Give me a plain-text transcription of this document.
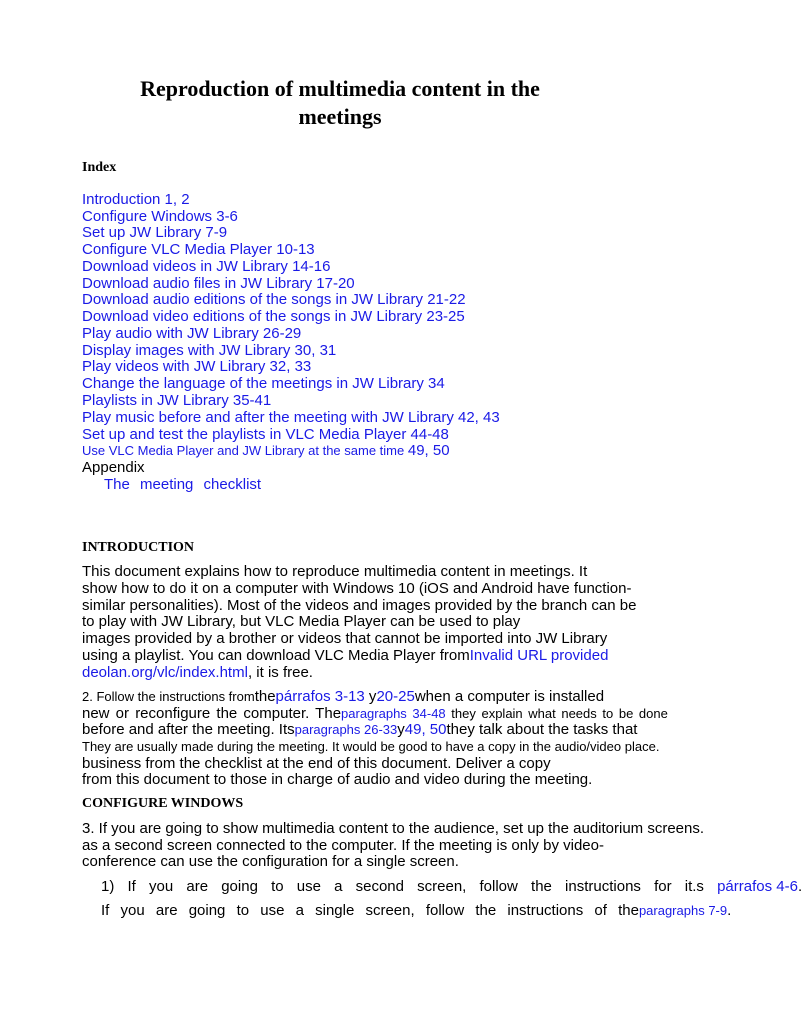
Reproduction of multimedia content in the
meetings
Index
Introduction 1, 2
Configure Windows 3-6
Set up JW Library 7-9
Configure VLC Media Player 10-13
Download videos in JW Library 14-16
Download audio files in JW Library 17-20
Download audio editions of the songs in JW Library 21-22
Download video editions of the songs in JW Library 23-25
Play audio with JW Library 26-29
Display images with JW Library 30, 31
Play videos with JW Library 32, 33
Change the language of the meetings in JW Library 34
Playlists in JW Library 35-41
Play music before and after the meeting with JW Library 42, 43
Set up and test the playlists in VLC Media Player 44-48
Use VLC Media Player and JW Library at the same time 49, 50
Appendix
The meeting checklist
INTRODUCTION
This document explains how to reproduce multimedia content in meetings. It
show how to do it on a computer with Windows 10 (iOS and Android have function-
similar personalities). Most of the videos and images provided by the branch can be
to play with JW Library, but VLC Media Player can be used to play
images provided by a brother or videos that cannot be imported into JW Library
using a playlist. You can download VLC Media Player fromInvalid URL provided
deolan.org/vlc/index.html, it is free.
2. Follow the instructions fromthepárrafos 3-13 y20-25when a computer is installed
new or reconfigure the computer. Theparagraphs 34-48 they explain what needs to be done
before and after the meeting. Itsparagraphs 26-33y49, 50they talk about the tasks that
They are usually made during the meeting. It would be good to have a copy in the audio/video place.
business from the checklist at the end of this document. Deliver a copy
from this document to those in charge of audio and video during the meeting.
CONFIGURE WINDOWS
3. If you are going to show multimedia content to the audience, set up the auditorium screens.
as a second screen connected to the computer. If the meeting is only by video-
conference can use the configuration for a single screen.
1) If you are going to use a second screen, follow the instructions for it.s párrafos 4-6.
If you are going to use a single screen, follow the instructions of theparagraphs 7-9.
